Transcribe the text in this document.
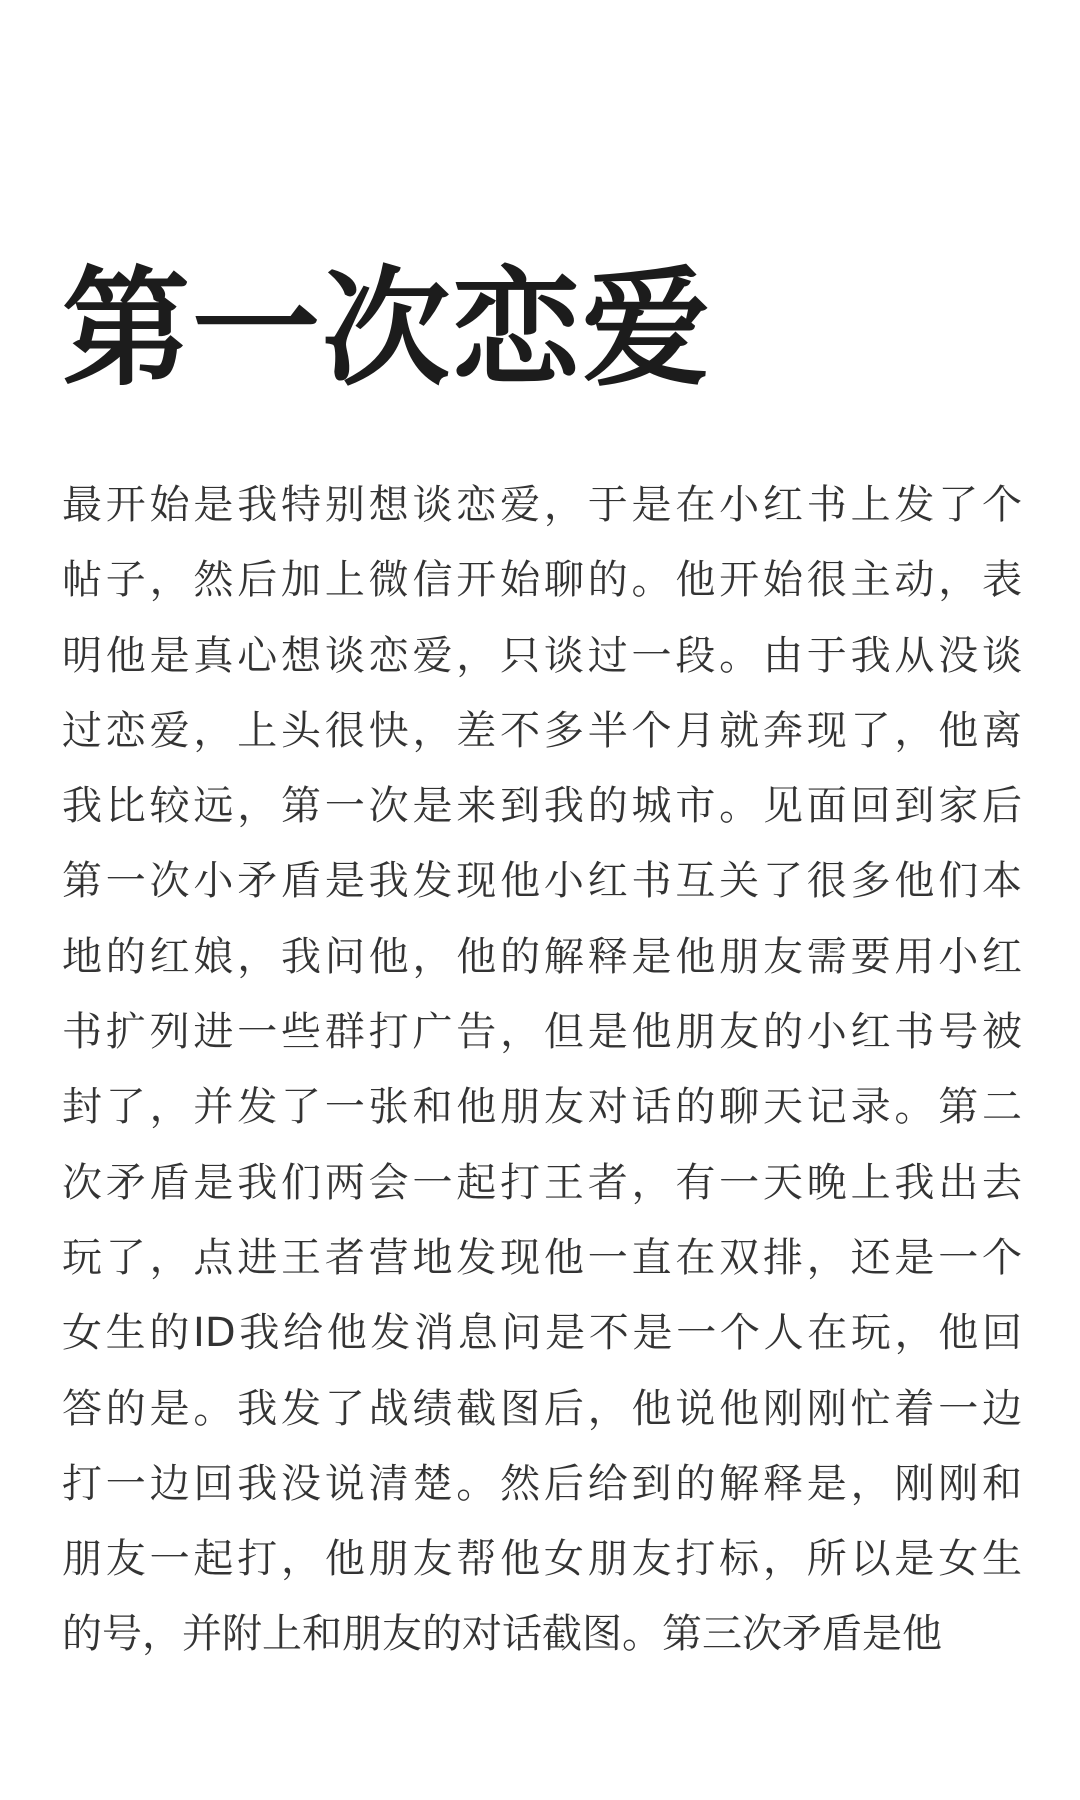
第一次恋爱
最开始是我特别想谈恋爱，于是在小红书上发了个
帖子，然后加上微信开始聊的。他开始很主动，表
明他是真心想谈恋爱，只谈过一段。由于我从没谈
过恋爱，上头很快，差不多半个月就奔现了，他离
我比较远，第一次是来到我的城市。见面回到家后
第一次小矛盾是我发现他小红书互关了很多他们本
地的红娘，我问他，他的解释是他朋友需要用小红
书扩列进一些群打广告，但是他朋友的小红书号被
封了，并发了一张和他朋友对话的聊天记录。第二
次矛盾是我们两会一起打王者，有一天晚上我出去
玩了，点进王者营地发现他一直在双排，还是一个
女生的ID我给他发消息问是不是一个人在玩，他回
答的是。我发了战绩截图后，他说他刚刚忙着一边
打一边回我没说清楚。然后给到的解释是，刚刚和
朋友一起打，他朋友帮他女朋友打标，所以是女生
的号，并附上和朋友的对话截图。第三次矛盾是他
